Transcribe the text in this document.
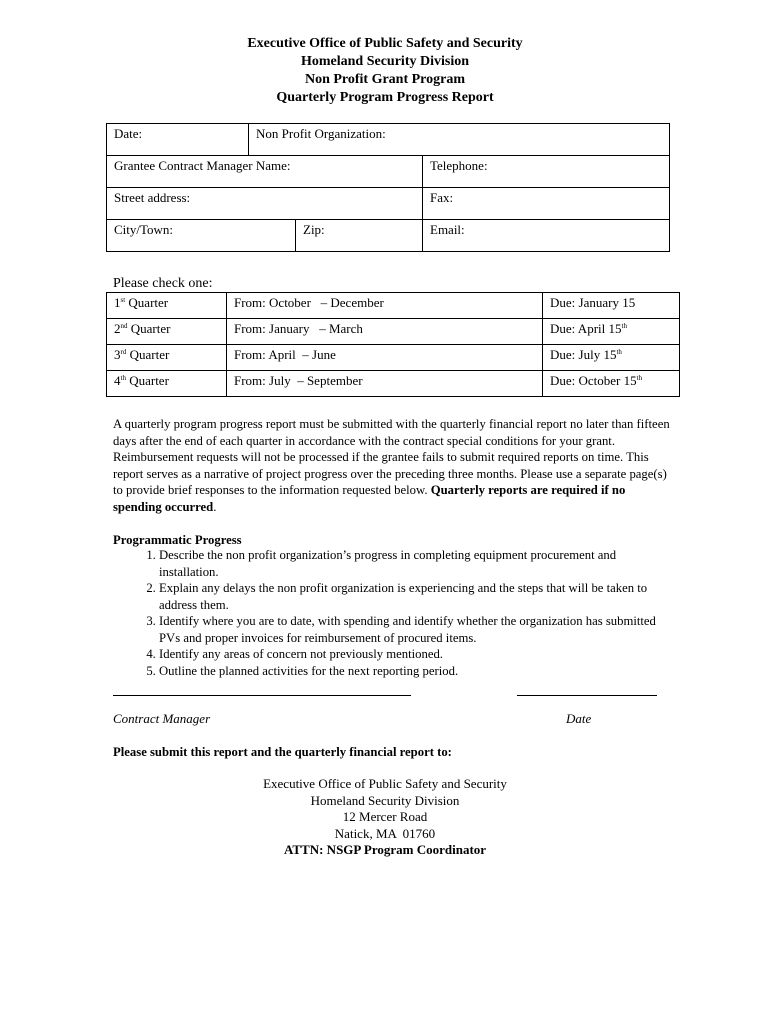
Executive Office of Public Safety and Security
Homeland Security Division
Non Profit Grant Program
Quarterly Program Progress Report
Date:	Non Profit Organization:		
Grantee Contract Manager Name:			Telephone:
Street address:			Fax:
City/Town:		Zip:	Email:
Please check one:
1st Quarter	From: October   – December	Due: January 15
2nd Quarter	From: January   – March	Due: April 15th
3rd Quarter	From: April  – June	Due: July 15th
4th Quarter	From: July  – September	Due: October 15th
A quarterly program progress report must be submitted with the quarterly financial report no later than fifteen days after the end of each quarter in accordance with the contract special conditions for your grant. Reimbursement requests will not be processed if the grantee fails to submit required reports on time. This report serves as a narrative of project progress over the preceding three months. Please use a separate page(s) to provide brief responses to the information requested below. Quarterly reports are required if no spending occurred.
Programmatic Progress
1. Describe the non profit organization’s progress in completing equipment procurement and installation.
2. Explain any delays the non profit organization is experiencing and the steps that will be taken to address them.
3. Identify where you are to date, with spending and identify whether the organization has submitted PVs and proper invoices for reimbursement of procured items.
4. Identify any areas of concern not previously mentioned.
5. Outline the planned activities for the next reporting period.
Contract Manager	Date
Please submit this report and the quarterly financial report to:
Executive Office of Public Safety and Security
Homeland Security Division
12 Mercer Road
Natick, MA  01760
ATTN: NSGP Program Coordinator
